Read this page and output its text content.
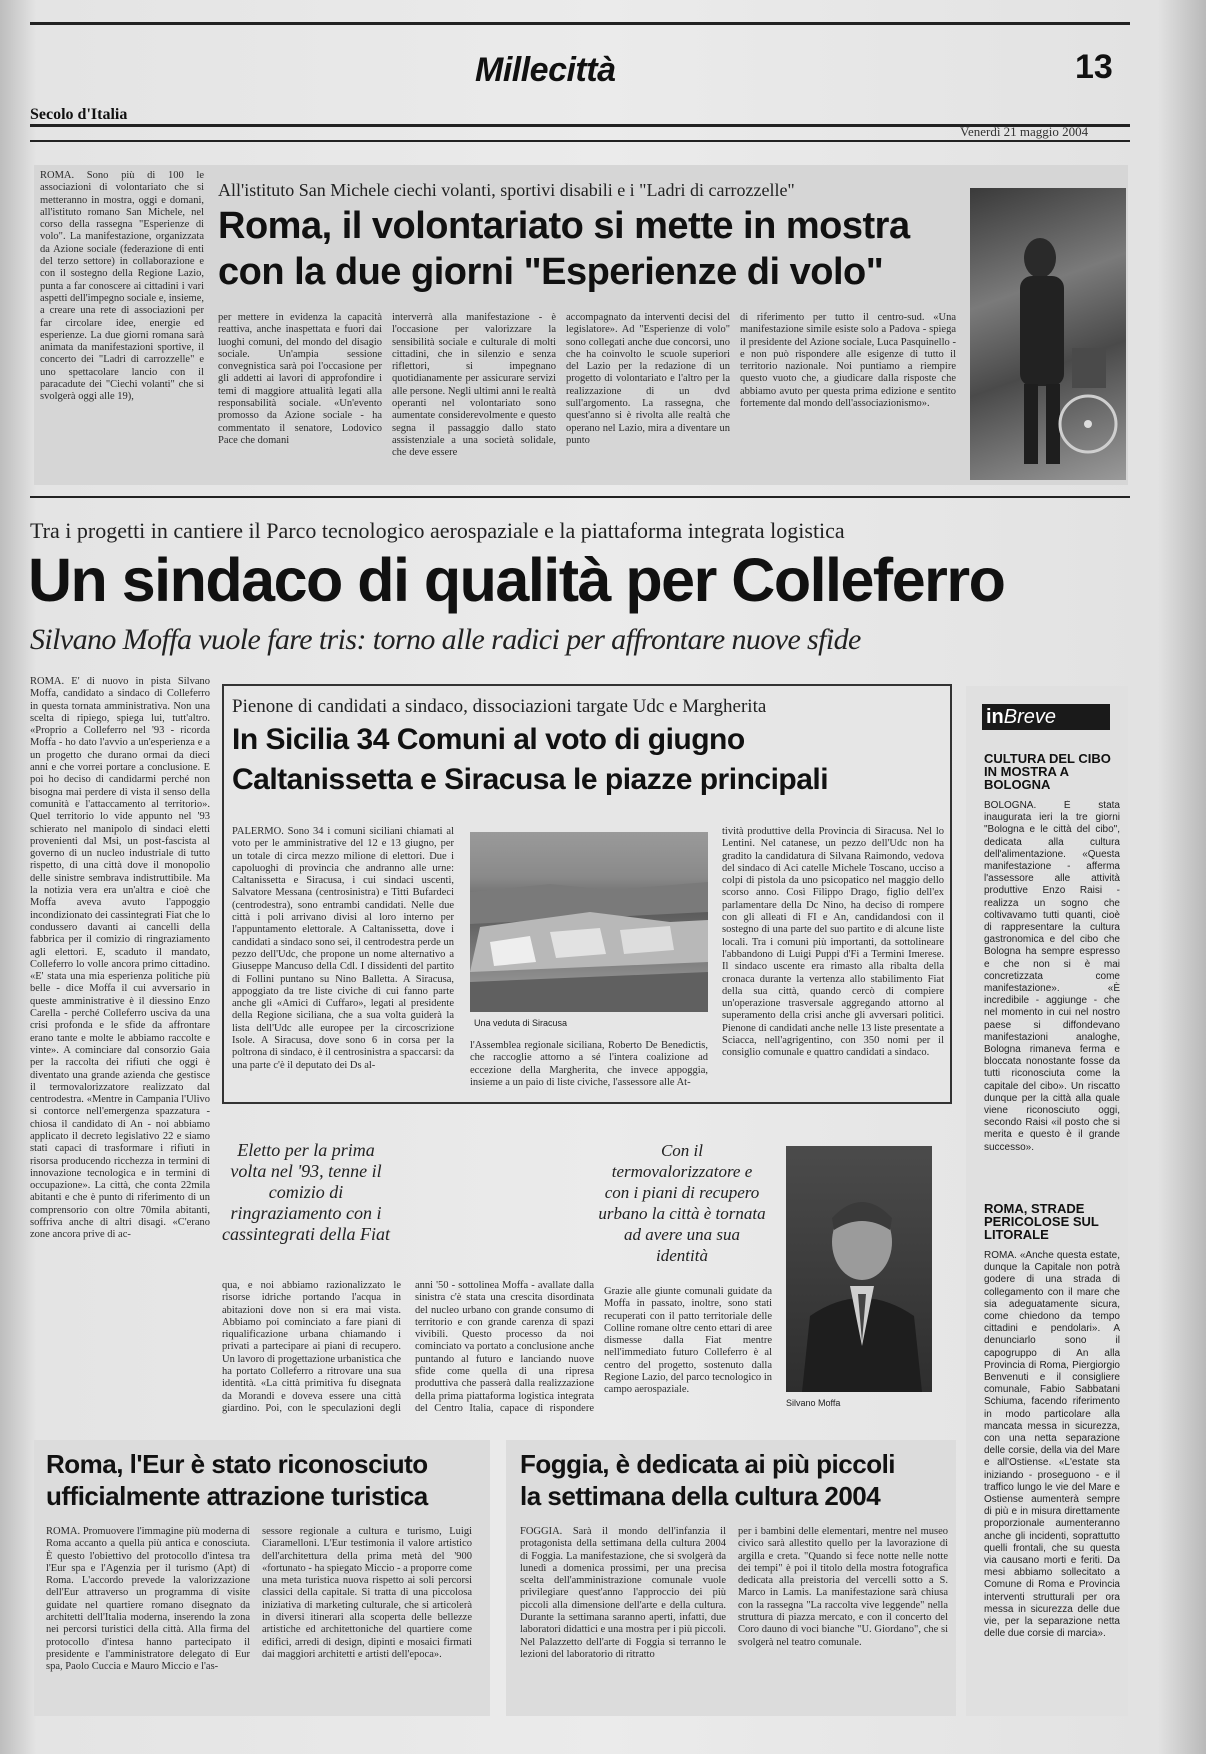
Millecittà	13
Secolo d'Italia
Venerdì 21 maggio 2004
ROMA. Sono più di 100 le associazioni di volontariato che si metteranno in mostra, oggi e domani, all'istituto romano San Michele, nel corso della rassegna "Esperienze di volo". La manifestazione, organizzata da Azione sociale (federazione di enti del terzo settore) in collaborazione e con il sostegno della Regione Lazio, punta a far conoscere ai cittadini i vari aspetti dell'impegno sociale e, insieme, a creare una rete di associazioni per far circolare idee, energie ed esperienze. La due giorni romana sarà animata da manifestazioni sportive, il concerto dei "Ladri di carrozzelle" e uno spettacolare lancio con il paracadute dei "Ciechi volanti" che si svolgerà oggi alle 19),
All'istituto San Michele ciechi volanti, sportivi disabili e i "Ladri di carrozzelle"
Roma, il volontariato si mette in mostra
con la due giorni "Esperienze di volo"
per mettere in evidenza la capacità reattiva, anche inaspettata e fuori dai luoghi comuni, del mondo del disagio sociale. Un'ampia sessione convegnistica sarà poi l'occasione per gli addetti ai lavori di approfondire i temi di maggiore attualità legati alla responsabilità sociale. «Un'evento promosso da Azione sociale - ha commentato il senatore, Lodovico Pace che domani
interverrà alla manifestazione - è l'occasione per valorizzare la sensibilità sociale e culturale di molti cittadini, che in silenzio e senza riflettori, si impegnano quotidianamente per assicurare servizi alle persone. Negli ultimi anni le realtà operanti nel volontariato sono aumentate considerevolmente e questo segna il passaggio dallo stato assistenziale a una società solidale, che deve essere
accompagnato da interventi decisi del legislatore». Ad "Esperienze di volo" sono collegati anche due concorsi, uno che ha coinvolto le scuole superiori del Lazio per la redazione di un progetto di volontariato e l'altro per la realizzazione di un dvd sull'argomento. La rassegna, che quest'anno si è rivolta alle realtà che operano nel Lazio, mira a diventare un punto
di riferimento per tutto il centro-sud. «Una manifestazione simile esiste solo a Padova - spiega il presidente del Azione sociale, Luca Pasquinello - e non può rispondere alle esigenze di tutto il territorio nazionale. Noi puntiamo a riempire questo vuoto che, a giudicare dalla risposte che abbiamo avuto per questa prima edizione e sentito fortemente dal mondo dell'associazionismo».
Tra i progetti in cantiere il Parco tecnologico aerospaziale e la piattaforma integrata logistica
Un sindaco di qualità per Colleferro
Silvano Moffa vuole fare tris: torno alle radici per affrontare nuove sfide
ROMA. E' di nuovo in pista Silvano Moffa, candidato a sindaco di Colleferro in questa tornata amministrativa. Non una scelta di ripiego, spiega lui, tutt'altro. «Proprio a Colleferro nel '93 - ricorda Moffa - ho dato l'avvio a un'esperienza e a un progetto che durano ormai da dieci anni e che vorrei portare a conclusione. E poi ho deciso di candidarmi perché non bisogna mai perdere di vista il senso della comunità e l'attaccamento al territorio». Quel territorio lo vide appunto nel '93 schierato nel manipolo di sindaci eletti provenienti dal Msi, un post-fascista al governo di un nucleo industriale di tutto rispetto, di una città dove il monopolio delle sinistre sembrava indistruttibile. Ma la notizia vera era un'altra e cioè che Moffa aveva avuto l'appoggio incondizionato dei cassintegrati Fiat che lo condussero davanti ai cancelli della fabbrica per il comizio di ringraziamento agli elettori. E, scaduto il mandato, Colleferro lo volle ancora primo cittadino. «E' stata una mia esperienza politiche più belle - dice Moffa il cui avversario in queste amministrative è il diessino Enzo Carella - perché Colleferro usciva da una crisi profonda e le sfide da affrontare erano tante e molte le abbiamo raccolte e vinte». A cominciare dal consorzio Gaia per la raccolta dei rifiuti che oggi è diventato una grande azienda che gestisce il termovalorizzatore realizzato dal centrodestra. «Mentre in Campania l'Ulivo si contorce nell'emergenza spazzatura - chiosa il candidato di An - noi abbiamo applicato il decreto legislativo 22 e siamo stati capaci di trasformare i rifiuti in risorsa producendo ricchezza in termini di innovazione tecnologica e in termini di occupazione». La città, che conta 22mila abitanti e che è punto di riferimento di un comprensorio con oltre 70mila abitanti, soffriva anche di altri disagi. «C'erano zone ancora prive di ac-
Pienone di candidati a sindaco, dissociazioni targate Udc e Margherita
In Sicilia 34 Comuni al voto di giugno
Caltanissetta e Siracusa le piazze principali
PALERMO. Sono 34 i comuni siciliani chiamati al voto per le amministrative del 12 e 13 giugno, per un totale di circa mezzo milione di elettori. Due i capoluoghi di provincia che andranno alle urne: Caltanissetta e Siracusa, i cui sindaci uscenti, Salvatore Messana (centrosinistra) e Titti Bufardeci (centrodestra), sono entrambi candidati. Nelle due città i poli arrivano divisi al loro interno per l'appuntamento elettorale. A Caltanissetta, dove i candidati a sindaco sono sei, il centrodestra perde un pezzo dell'Udc, che propone un nome alternativo a Giuseppe Mancuso della Cdl. I dissidenti del partito di Follini puntano su Nino Balletta. A Siracusa, appoggiato da tre liste civiche di cui fanno parte anche gli «Amici di Cuffaro», legati al presidente della Regione siciliana, che a sua volta guiderà la lista dell'Udc alle europee per la circoscrizione Isole. A Siracusa, dove sono 6 in corsa per la poltrona di sindaco, è il centrosinistra a spaccarsi: da una parte c'è il deputato dei Ds al-
Una veduta di Siracusa
l'Assemblea regionale siciliana, Roberto De Benedictis, che raccoglie attorno a sé l'intera coalizione ad eccezione della Margherita, che invece appoggia, insieme a un paio di liste civiche, l'assessore alle At-
tività produttive della Provincia di Siracusa. Nel lo Lentini. Nel catanese, un pezzo dell'Udc non ha gradito la candidatura di Silvana Raimondo, vedova del sindaco di Aci catelle Michele Toscano, ucciso a colpi di pistola da uno psicopatico nel maggio dello scorso anno. Così Filippo Drago, figlio dell'ex parlamentare della Dc Nino, ha deciso di rompere con gli alleati di FI e An, candidandosi con il sostegno di una parte del suo partito e di alcune liste locali. Tra i comuni più importanti, da sottolineare l'abbandono di Luigi Puppi d'Fi a Termini Imerese. Il sindaco uscente era rimasto alla ribalta della cronaca durante la vertenza allo stabilimento Fiat della sua città, quando cercò di compiere un'operazione trasversale aggregando attorno al superamento della crisi anche gli avversari politici. Pienone di candidati anche nelle 13 liste presentate a Sciacca, nell'agrigentino, con 350 nomi per il consiglio comunale e quattro candidati a sindaco.
Eletto per la prima volta nel '93, tenne il comizio di ringraziamento con i cassintegrati della Fiat
qua, e noi abbiamo razionalizzato le risorse idriche portando l'acqua in abitazioni dove non si era mai vista. Abbiamo poi cominciato a fare piani di riqualificazione urbana chiamando i privati a partecipare ai piani di recupero. Un lavoro di progettazione urbanistica che ha portato Colleferro a ritrovare una sua identità. «La città primitiva fu disegnata da Morandi e doveva essere una città giardino. Poi, con le speculazioni degli anni '50 - sottolinea Moffa - avallate dalla sinistra c'è stata una crescita disordinata del nucleo urbano con grande consumo di territorio e con grande carenza di spazi vivibili. Questo processo da noi cominciato va portato a conclusione anche puntando al futuro e lanciando nuove sfide come quella di una ripresa produttiva che passerà dalla realizzazione della prima piattaforma logistica integrata del Centro Italia, capace di rispondere
Con il termovalorizzatore e con i piani di recupero urbano la città è tornata ad avere una sua identità
Grazie alle giunte comunali guidate da Moffa in passato, inoltre, sono stati recuperati con il patto territoriale delle Colline romane oltre cento ettari di aree dismesse dalla Fiat mentre nell'immediato futuro Colleferro è al centro del progetto, sostenuto dalla Regione Lazio, del parco tecnologico in campo aerospaziale.
Silvano Moffa
inBreve
CULTURA DEL CIBO IN MOSTRA A BOLOGNA
BOLOGNA. È stata inaugurata ieri la tre giorni "Bologna e le città del cibo", dedicata alla cultura dell'alimentazione. «Questa manifestazione - afferma l'assessore alle attività produttive Enzo Raisi - realizza un sogno che coltivavamo tutti quanti, cioè di rappresentare la cultura gastronomica e del cibo che Bologna ha sempre espresso e che non si è mai concretizzata come manifestazione». «È incredibile - aggiunge - che nel momento in cui nel nostro paese si diffondevano manifestazioni analoghe, Bologna rimaneva ferma e bloccata nonostante fosse da tutti riconosciuta come la capitale del cibo». Un riscatto dunque per la città alla quale viene riconosciuto oggi, secondo Raisi «il posto che si merita e questo è il grande successo».
ROMA, STRADE PERICOLOSE SUL LITORALE
ROMA. «Anche questa estate, dunque la Capitale non potrà godere di una strada di collegamento con il mare che sia adeguatamente sicura, come chiedono da tempo cittadini e pendolari». A denunciarlo sono il capogruppo di An alla Provincia di Roma, Piergiorgio Benvenuti e il consigliere comunale, Fabio Sabbatani Schiuma, facendo riferimento in modo particolare alla mancata messa in sicurezza, con una netta separazione delle corsie, della via del Mare e all'Ostiense. «L'estate sta iniziando - proseguono - e il traffico lungo le vie del Mare e Ostiense aumenterà sempre di più e in misura direttamente proporzionale aumenteranno anche gli incidenti, soprattutto quelli frontali, che su questa via causano morti e feriti. Da mesi abbiamo sollecitato a Comune di Roma e Provincia interventi strutturali per ora messa in sicurezza delle due vie, per la separazione netta delle due corsie di marcia».
Roma, l'Eur è stato riconosciuto
ufficialmente attrazione turistica
ROMA. Promuovere l'immagine più moderna di Roma accanto a quella più antica e conosciuta. È questo l'obiettivo del protocollo d'intesa tra l'Eur spa e l'Agenzia per il turismo (Apt) di Roma. L'accordo prevede la valorizzazione dell'Eur attraverso un programma di visite guidate nel quartiere romano disegnato da architetti dell'Italia moderna, inserendo la zona nei percorsi turistici della città. Alla firma del protocollo d'intesa hanno partecipato il presidente e l'amministratore delegato di Eur spa, Paolo Cuccia e Mauro Miccio e l'as-
sessore regionale a cultura e turismo, Luigi Ciaramelloni. L'Eur testimonia il valore artistico dell'architettura della prima metà del '900 «fortunato - ha spiegato Miccio - a proporre come una meta turistica nuova rispetto ai soli percorsi classici della capitale. Si tratta di una piccolosa iniziativa di marketing culturale, che si articolerà in diversi itinerari alla scoperta delle bellezze artistiche ed architettoniche del quartiere come edifici, arredi di design, dipinti e mosaici firmati dai maggiori architetti e artisti dell'epoca».
Foggia, è dedicata ai più piccoli
la settimana della cultura 2004
FOGGIA. Sarà il mondo dell'infanzia il protagonista della settimana della cultura 2004 di Foggia. La manifestazione, che si svolgerà da lunedì a domenica prossimi, per una precisa scelta dell'amministrazione comunale vuole privilegiare quest'anno l'approccio dei più piccoli alla dimensione dell'arte e della cultura. Durante la settimana saranno aperti, infatti, due laboratori didattici e una mostra per i più piccoli. Nel Palazzetto dell'arte di Foggia si terranno le lezioni del laboratorio di ritratto
per i bambini delle elementari, mentre nel museo civico sarà allestito quello per la lavorazione di argilla e creta. "Quando si fece notte nelle notte dei tempi" è poi il titolo della mostra fotografica dedicata alla preistoria del vercelli sotto a S. Marco in Lamis. La manifestazione sarà chiusa con la rassegna "La raccolta vive leggende" nella struttura di piazza mercato, e con il concerto del Coro dauno di voci bianche "U. Giordano", che si svolgerà nel teatro comunale.
